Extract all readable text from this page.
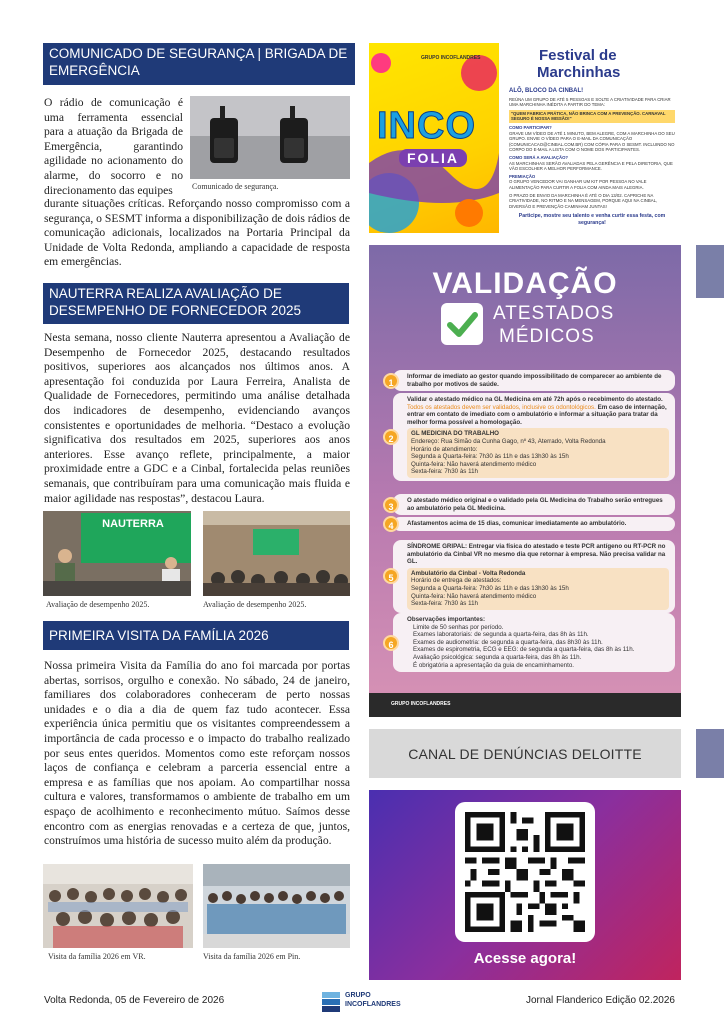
COMUNICADO DE SEGURANÇA | BRIGADA DE EMERGÊNCIA
O rádio de comunicação é uma ferramenta essencial para a atuação da Brigada de Emergência, garantindo agilidade no acionamento do alarme, do socorro e no direcionamento das equipes	Comunicado de segurança.
durante situações críticas. Reforçando nosso compromisso com a segurança, o SESMT informa a disponibilização de dois rádios de comunicação adicionais, localizados na Portaria Principal da Unidade de Volta Redonda, ampliando a capacidade de resposta em emergências.
NAUTERRA REALIZA AVALIAÇÃO DE DESEMPENHO DE FORNECEDOR 2025
Nesta semana, nosso cliente Nauterra apresentou a Avaliação de Desempenho de Fornecedor 2025, destacando resultados positivos, superiores aos alcançados nos últimos anos. A apresentação foi conduzida por Laura Ferreira, Analista de Qualidade de Fornecedores, permitindo uma análise detalhada dos indicadores de desempenho, evidenciando avanços consistentes e oportunidades de melhoria. “Destaco a evolução significativa dos resultados em 2025, superiores aos anos anteriores. Esse avanço reflete, principalmente, a maior proximidade entre a GDC e a Cinbal, fortalecida pelas reuniões semanais, que contribuíram para uma comunicação mais fluida e maior agilidade nas respostas”, destacou Laura.
NAUTERRA
Avaliação de desempenho 2025.	Avaliação de desempenho 2025.
PRIMEIRA VISITA DA FAMÍLIA 2026
Nossa primeira Visita da Família do ano foi marcada por portas abertas, sorrisos, orgulho e conexão. No sábado, 24 de janeiro, familiares dos colaboradores conheceram de perto nossas unidades e o dia a dia de quem faz tudo acontecer. Essa experiência única permitiu que os visitantes compreendessem a importância de cada processo e o impacto do trabalho realizado por seus entes queridos. Momentos como este reforçam nossos laços de confiança e celebram a parceria essencial entre a empresa e as famílias que nos apoiam. Ao compartilhar nossa cultura e valores, transformamos o ambiente de trabalho em um espaço de acolhimento e reconhecimento mútuo. Saímos desse encontro com as energias renovadas e a certeza de que, juntos, construímos uma história de sucesso muito além da produção.
Visita da família 2026 em VR.	Visita da família 2026 em Pin.
INCO
FOLIA
GRUPO INCOFLANDRES	Festival de
Marchinhas
ALÔ, BLOCO DA CINBAL!
REÚNA UM GRUPO DE ATÉ 5 PESSOAS E SOLTE A CRIATIVIDADE PARA CRIAR UMA MARCHINHA INÉDITA A PARTIR DO TEMA:
"QUEM FABRICA PRÁTICA, NÃO BRINCA COM A PREVENÇÃO. CARNAVAL SEGURO É NOSSA MISSÃO!"
COMO PARTICIPAR?
GRAVE UM VÍDEO DE ATÉ 1 MINUTO, BEM ALEGRE, COM A MARCHINHA DO SEU GRUPO. ENVIE O VÍDEO PARA O E-MAIL DA COMUNICAÇÃO (COMUNICACAO@CINBAL.COM.BR) COM CÓPIA PARA O SESMT. INCLUINDO NO CORPO DO E-MAIL A LISTA COM O NOME DOS PARTICIPANTES.
COMO SERÁ A AVALIAÇÃO?
AS MARCHINHAS SERÃO AVALIADAS PELA GERÊNCIA E PELA DIRETORIA, QUE VÃO ESCOLHER A MELHOR PERFORMANCE.
PREMIAÇÃO
O GRUPO VENCEDOR VAI GANHAR UM KIT POR PESSOA NO VALE ALIMENTAÇÃO PARA CURTIR A FOLIA COM AINDA MAIS ALEGRIA.
O PRAZO DE ENVIO DA MARCHINHA É ATÉ O DIA 13/02. CAPRICHE NA CRIATIVIDADE, NO RITMO E NA MENSAGEM, PORQUE AQUI NA CINBAL, DIVERSÃO E PREVENÇÃO CAMINHAM JUNTAS!
Participe, mostre seu talento e venha curtir essa festa, com segurança!
VALIDAÇÃO
ATESTADOS
MÉDICOS
1
Informar de imediato ao gestor quando impossibilitado de comparecer ao ambiente de trabalho por motivos de saúde.
2
Validar o atestado médico na GL Medicina em até 72h após o recebimento do atestado. Todos os atestados devem ser validados, inclusive os odontológicos. Em caso de internação, entrar em contato de imediato com o ambulatório e informar a situação para tratar da melhor forma possível a homologação.
GL MEDICINA DO TRABALHO
Endereço: Rua Simão da Cunha Gago, nº 43, Aterrado, Volta Redonda
Horário de atendimento:
Segunda a Quarta-feira: 7h30 às 11h e das 13h30 às 15h
Quinta-feira: Não haverá atendimento médico
Sexta-feira: 7h30 às 11h
3
O atestado médico original e o validado pela GL Medicina do Trabalho serão entregues ao ambulatório pela GL Medicina.
4	Afastamentos acima de 15 dias, comunicar imediatamente ao ambulatório.
5
SÍNDROME GRIPAL: Entregar via física do atestado e teste PCR antígeno ou RT-PCR no ambulatório da Cinbal VR no mesmo dia que retornar à empresa. Não precisa validar na GL.
Ambulatório da Cinbal - Volta Redonda
Horário de entrega de atestados:
Segunda a Quarta-feira: 7h30 às 11h e das 13h30 às 15h
Quinta-feira: Não haverá atendimento médico
Sexta-feira: 7h30 às 11h
6
Observações importantes:
Limite de 50 senhas por período.
Exames laboratoriais: de segunda a quarta-feira, das 8h às 11h.
Exames de audiometria: de segunda a quarta-feira, das 8h30 às 11h.
Exames de espirometria, ECG e EEG: de segunda a quarta-feira, das 8h às 11h.
Avaliação psicológica: segunda a quarta-feira, das 8h às 11h.
É obrigatória a apresentação da guia de encaminhamento.
GRUPO INCOFLANDRES
CANAL DE DENÚNCIAS DELOITTE
Acesse agora!
Volta Redonda, 05 de Fevereiro de 2026	GRUPO
INCOFLANDRES	Jornal Flanderico Edição 02.2026
